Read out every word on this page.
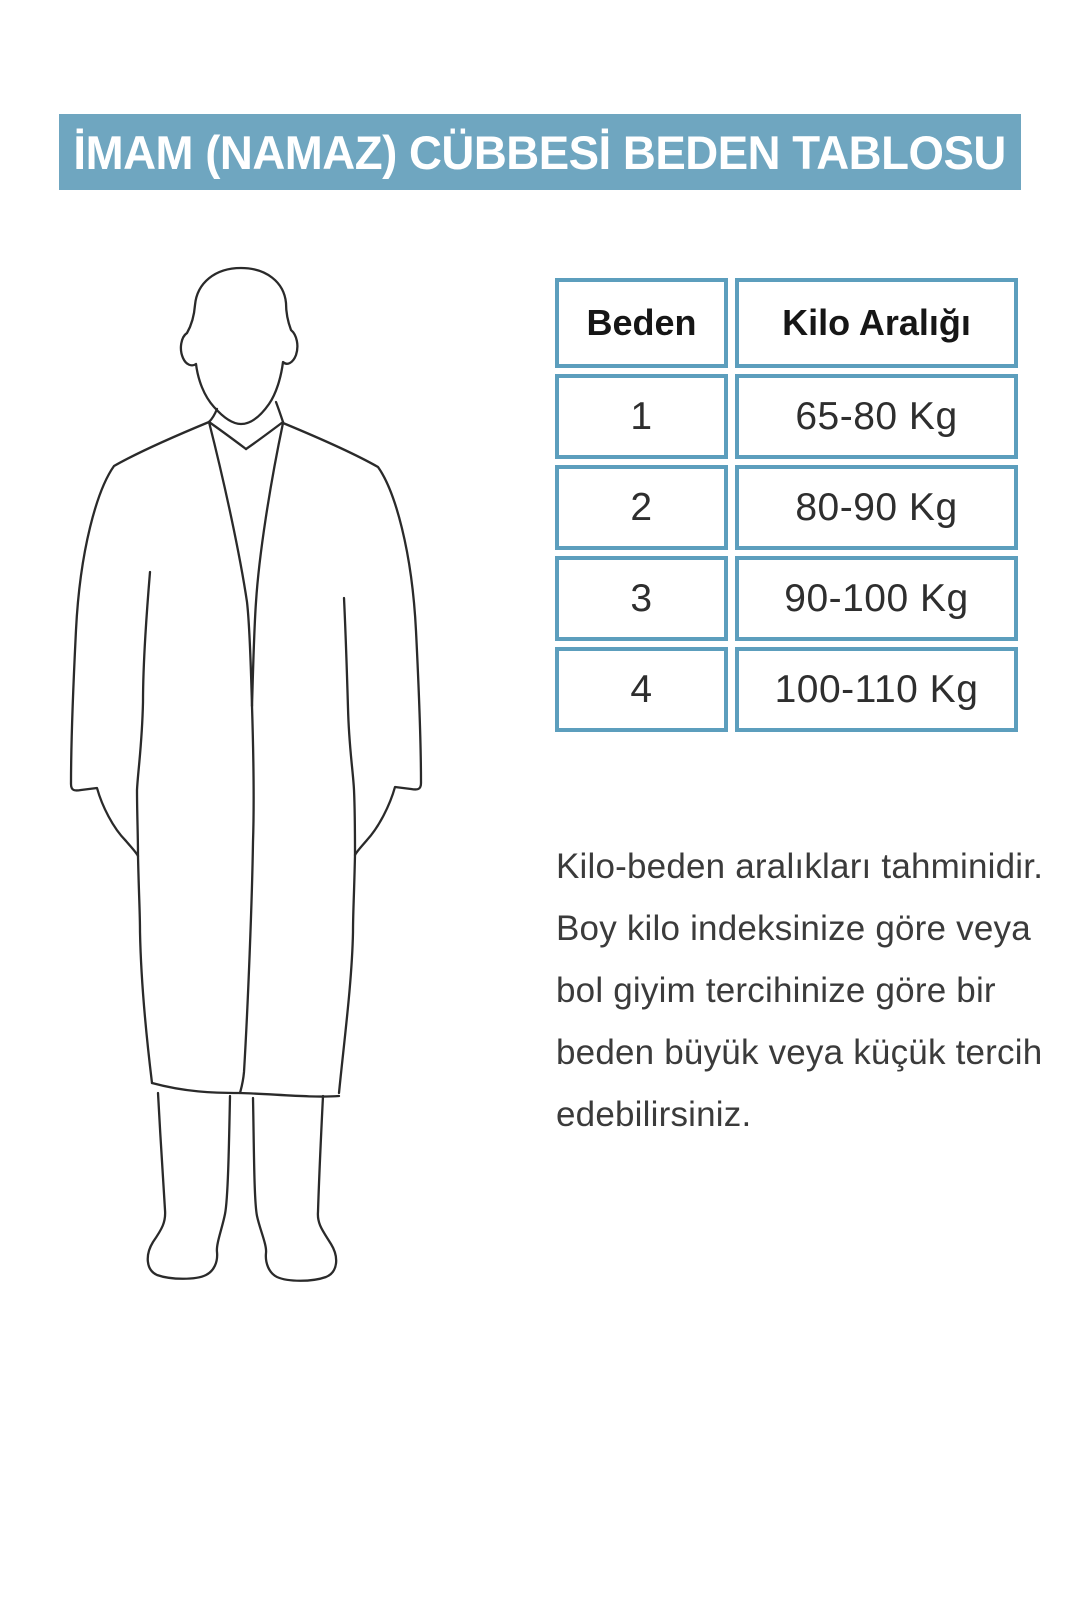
İMAM (NAMAZ) CÜBBESİ BEDEN TABLOSU
Beden	Kilo Aralığı
1	65-80 Kg
2	80-90 Kg
3	90-100 Kg
4	100-110 Kg
Kilo-beden aralıkları tahminidir.
Boy kilo indeksinize göre veya
bol giyim tercihinize göre bir
beden büyük veya küçük tercih
edebilirsiniz.
